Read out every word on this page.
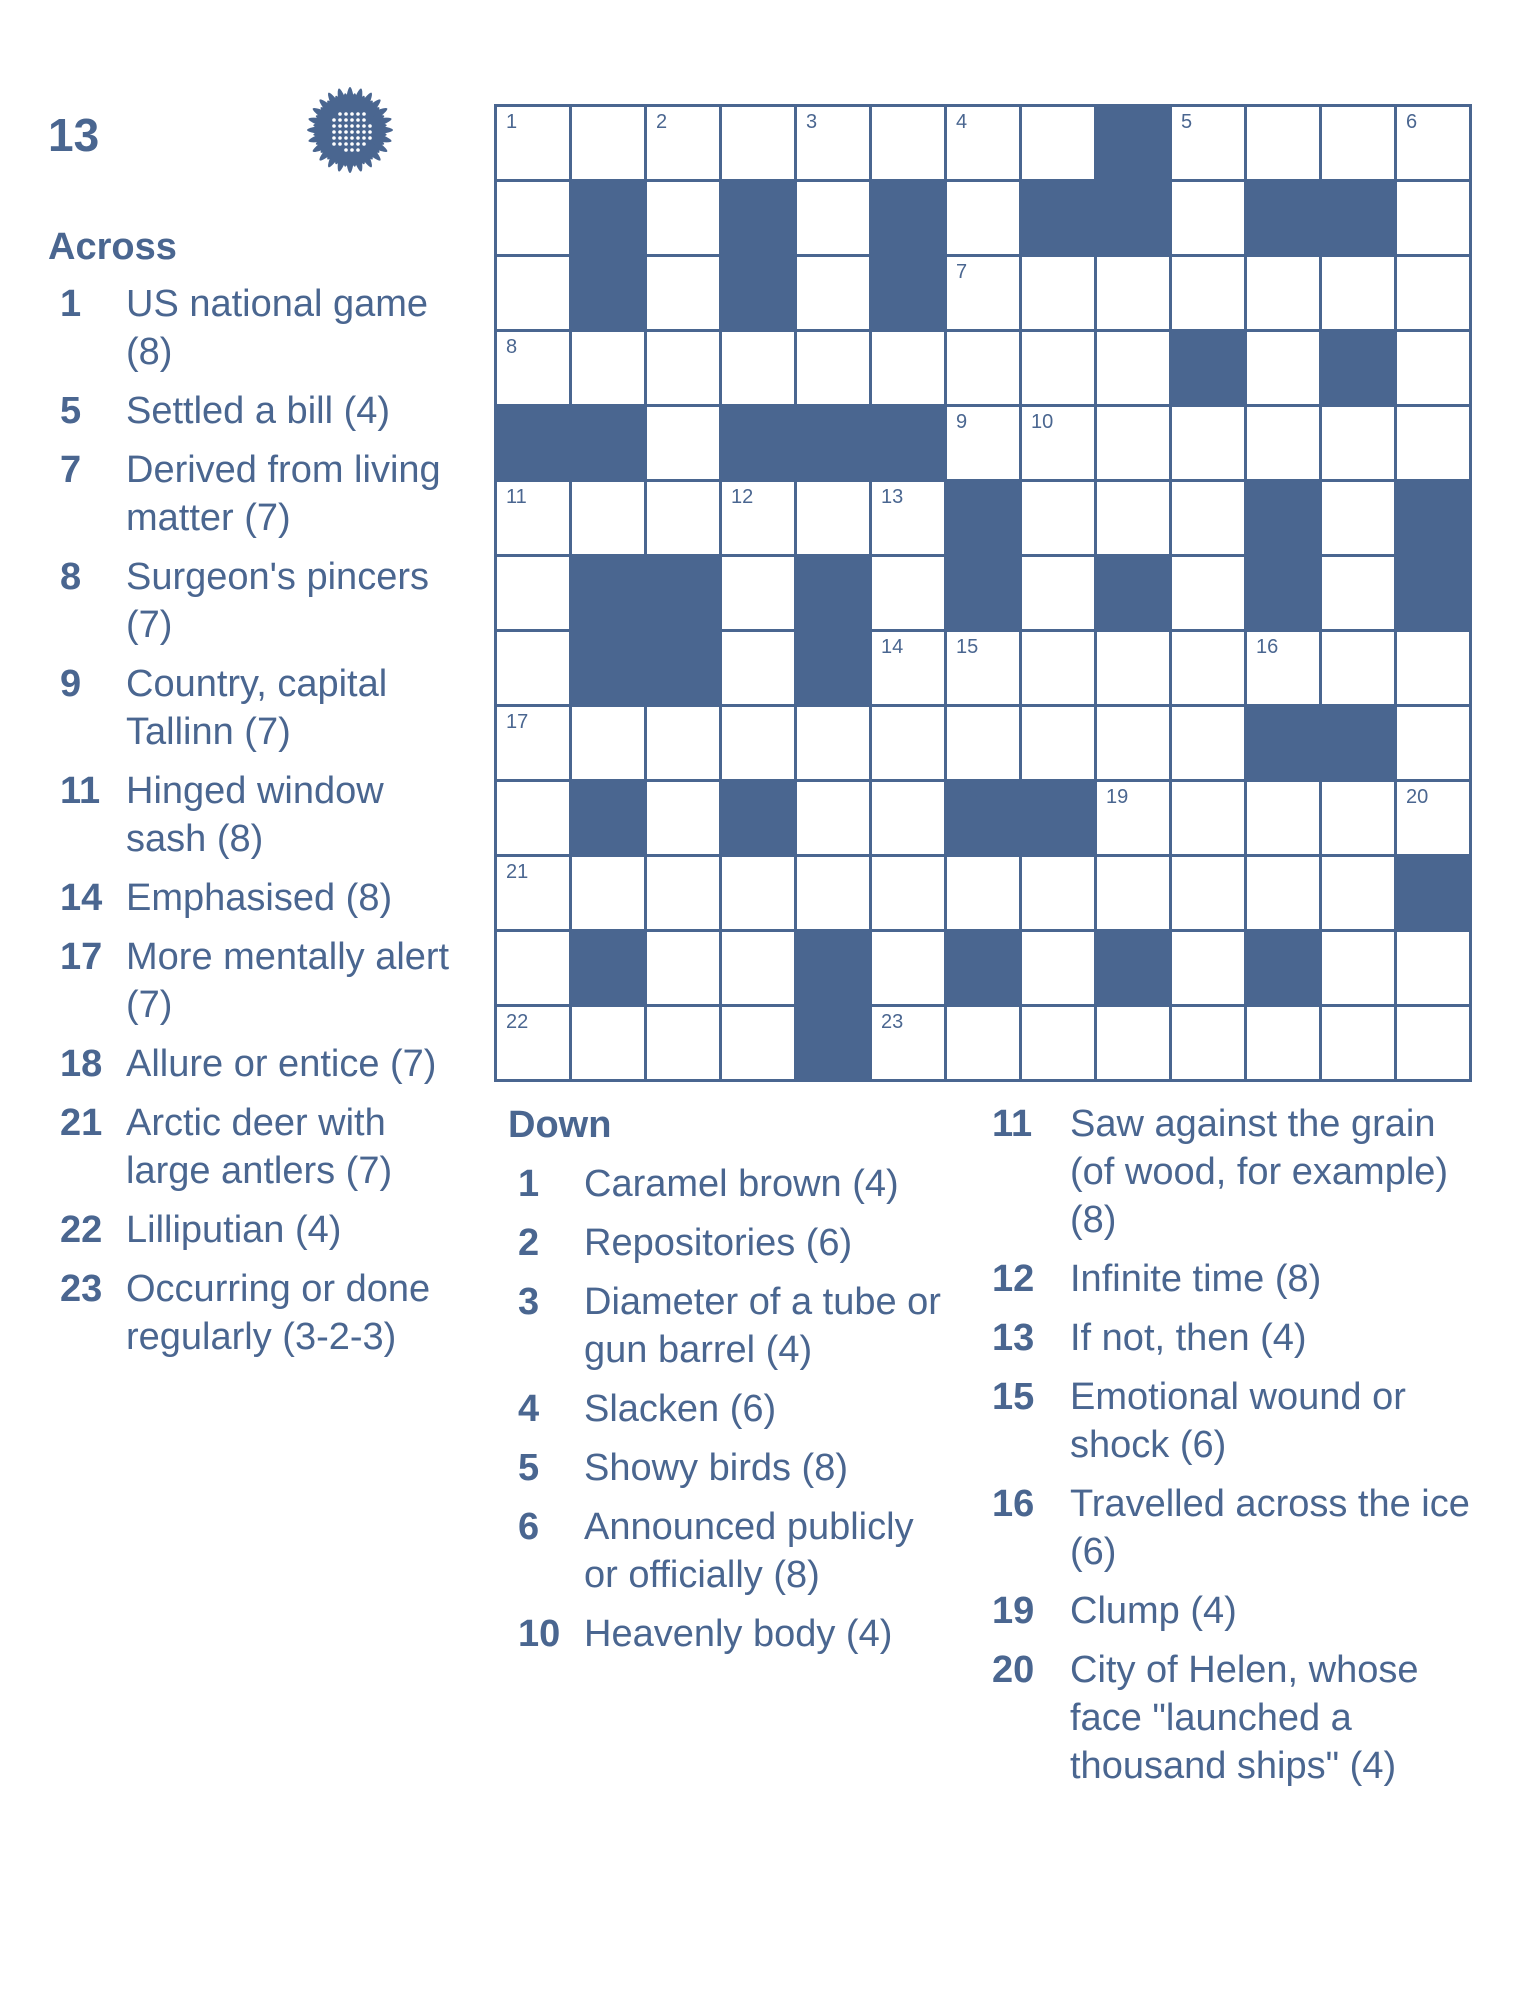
13	1	2	3	4	5	6
7
8
9	10
11	12	13
14	15	16
17
18	19	20
21
22	23
Across
1	US national game (8)
5	Settled a bill (4)
7	Derived from living matter (7)
8	Surgeon's pincers (7)
9	Country, capital Tallinn (7)
11 Hinged window sash (8)
14 Emphasised (8)
17 More mentally alert (7)
18 Allure or entice (7)
21 Arctic deer with large antlers (7)
22 Lilliputian (4)
23 Occurring or done regularly (3-2-3)
Down
1	Caramel brown (4)
2	Repositories (6)
3	Diameter of a tube or gun barrel (4)
4	Slacken (6)
5	Showy birds (8)
6	Announced publicly or officially (8)
10 Heavenly body (4)
11 Saw against the grain (of wood, for example) (8)
12 Infinite time (8)
13 If not, then (4)
15 Emotional wound or shock (6)
16 Travelled across the ice (6)
19 Clump (4)
20 City of Helen, whose face "launched a thousand ships" (4)
